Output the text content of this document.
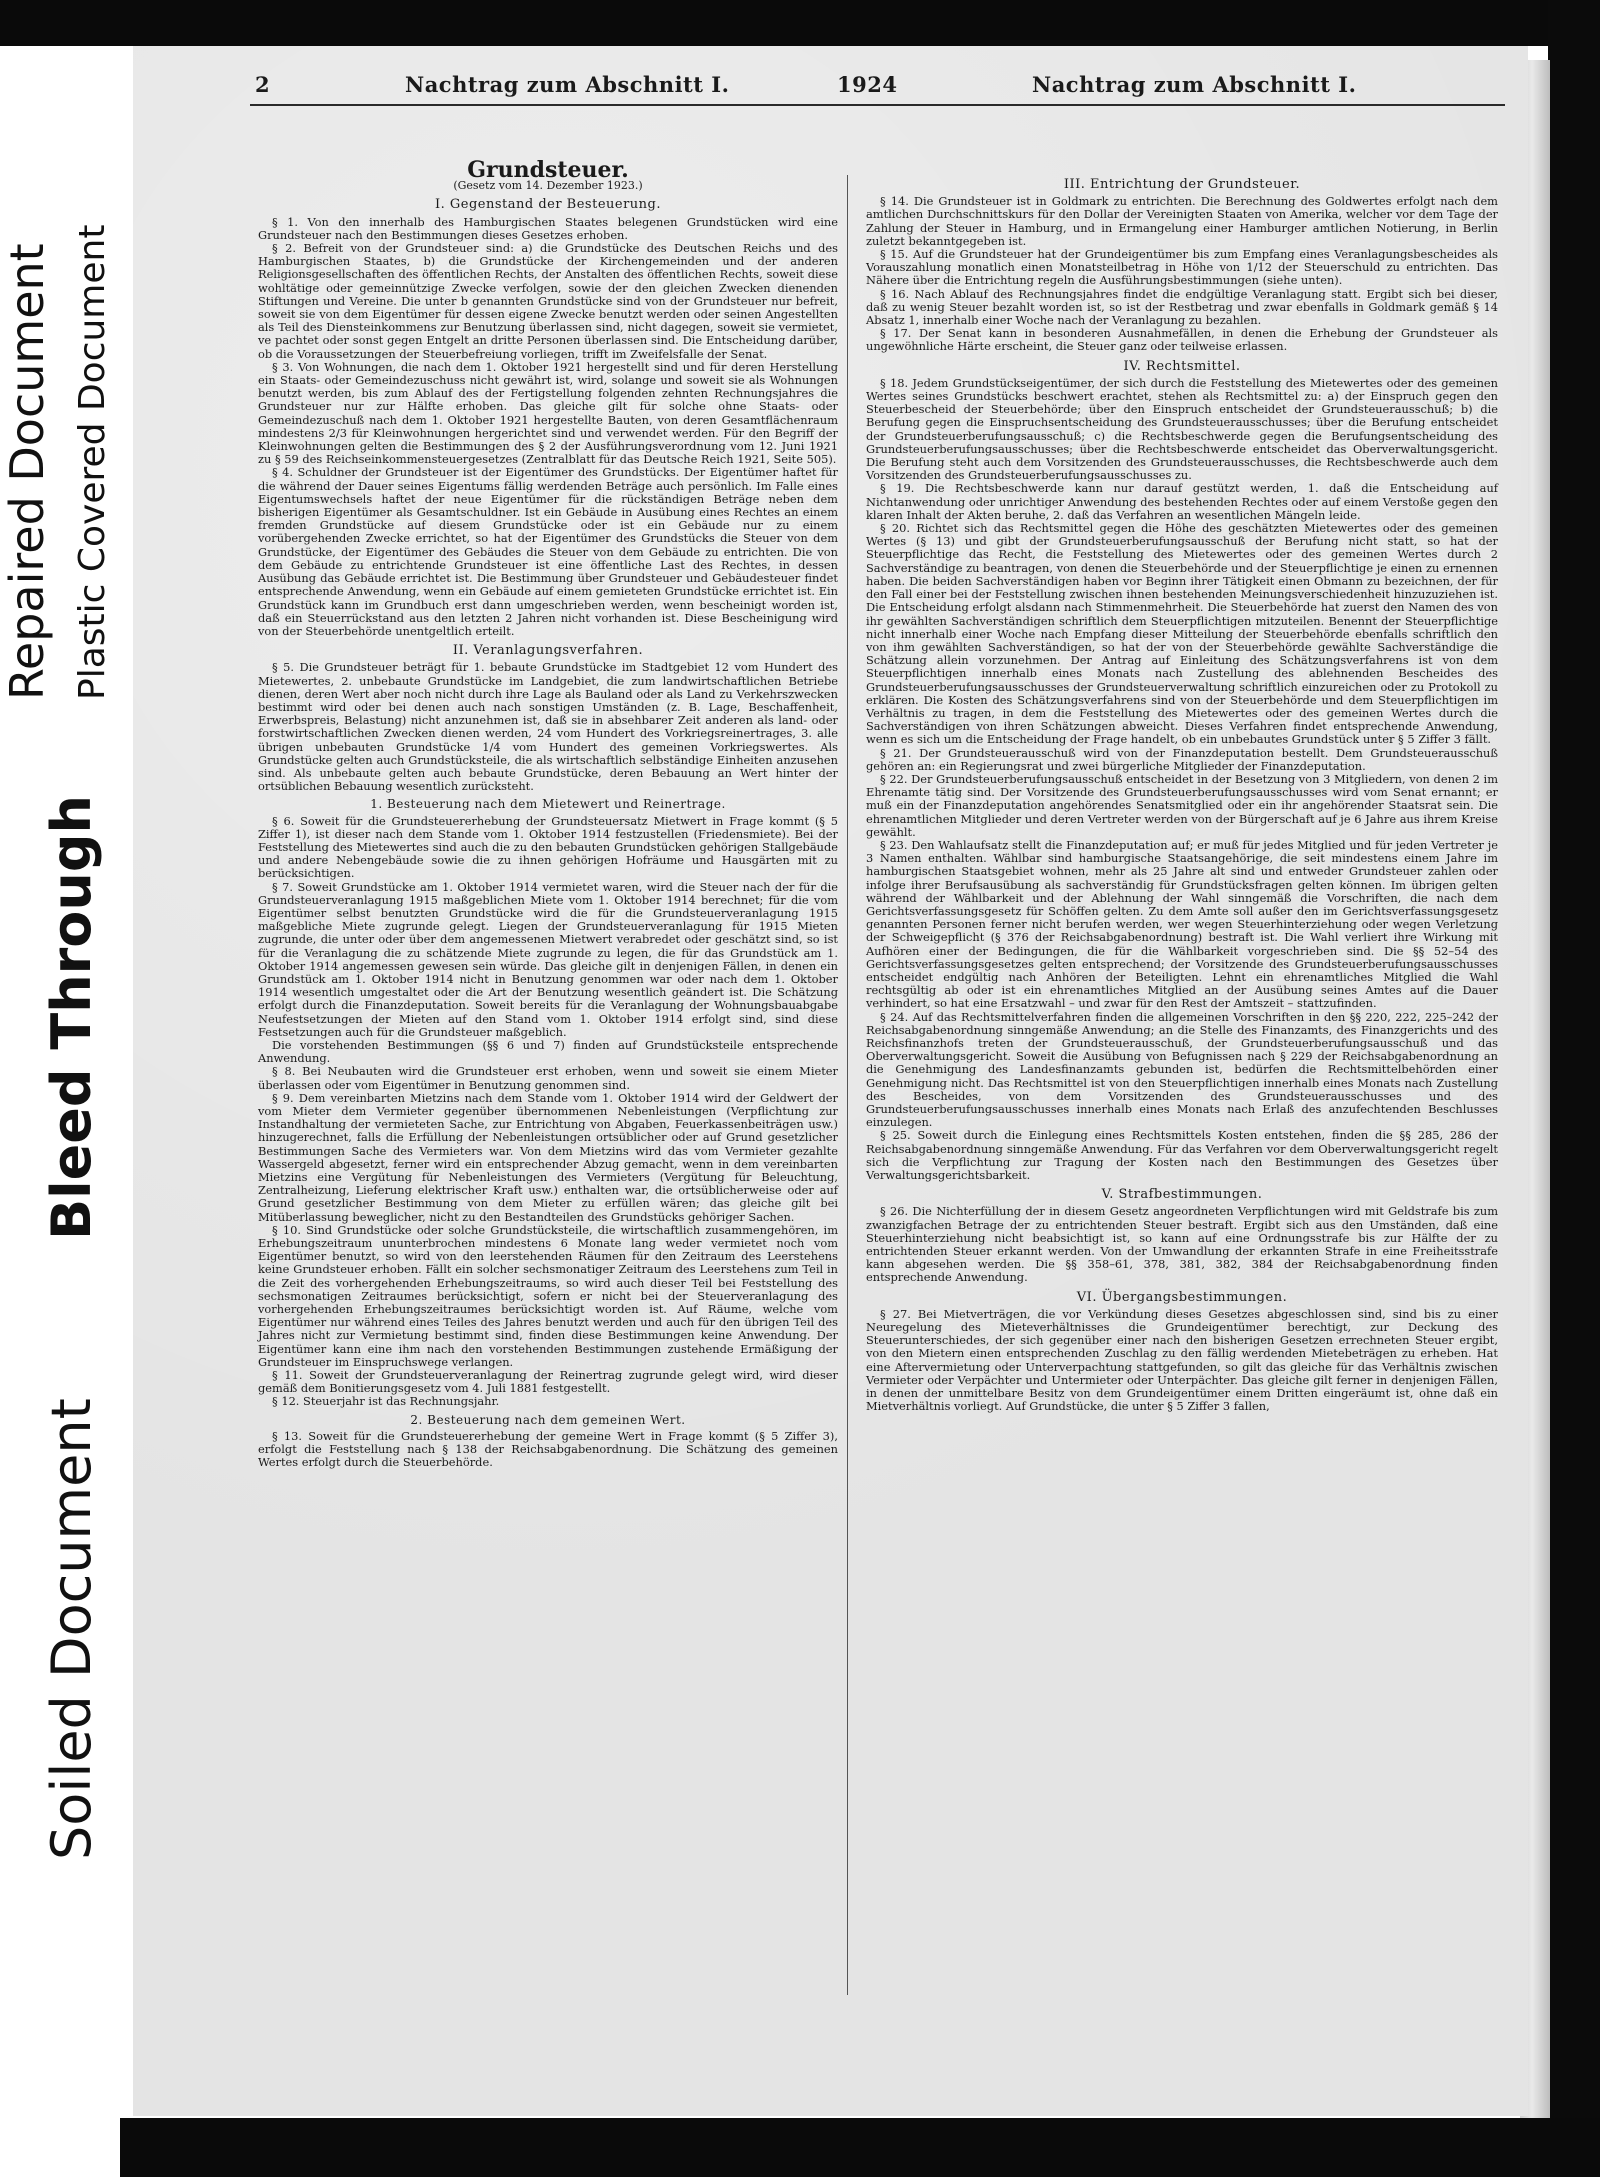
Repaired Document Plastic Covered Document
Bleed Through
Soiled Document
2	Nachtrag zum Abschnitt I.	1924	Nachtrag zum Abschnitt I.
Grundsteuer.
(Gesetz vom 14. Dezember 1923.)
I. Gegenstand der Besteuerung.

§ 1. Von den innerhalb des Hamburgischen Staates belegenen Grundstücken wird eine Grundsteuer nach den Bestimmungen dieses Gesetzes erhoben.

§ 2. Befreit von der Grundsteuer sind: a) die Grundstücke des Deutschen Reichs und des Hamburgischen Staates, b) die Grundstücke der Kirchengemeinden und der anderen Religionsgesellschaften des öffentlichen Rechts, der Anstalten des öffentlichen Rechts, soweit diese wohltätige oder gemeinnützige Zwecke verfolgen, sowie der den gleichen Zwecken dienenden Stiftungen und Vereine. Die unter b genannten Grundstücke sind von der Grundsteuer nur befreit, soweit sie von dem Eigentümer für dessen eigene Zwecke benutzt werden oder seinen Angestellten als Teil des Diensteinkommens zur Benutzung überlassen sind, nicht dagegen, soweit sie vermietet, ve pachtet oder sonst gegen Entgelt an dritte Personen überlassen sind. Die Entscheidung darüber, ob die Voraussetzungen der Steuerbefreiung vorliegen, trifft im Zweifelsfalle der Senat.

§ 3. Von Wohnungen, die nach dem 1. Oktober 1921 hergestellt sind und für deren Herstellung ein Staats- oder Gemeindezuschuss nicht gewährt ist, wird, solange und soweit sie als Wohnungen benutzt werden, bis zum Ablauf des der Fertigstellung folgenden zehnten Rechnungsjahres die Grundsteuer nur zur Hälfte erhoben. Das gleiche gilt für solche ohne Staats- oder Gemeindezuschuß nach dem 1. Oktober 1921 hergestellte Bauten, von deren Gesamtflächenraum mindestens 2/3 für Kleinwohnungen hergerichtet sind und verwendet werden. Für den Begriff der Kleinwohnungen gelten die Bestimmungen des § 2 der Ausführungsverordnung vom 12. Juni 1921 zu § 59 des Reichseinkommensteuergesetzes (Zentralblatt für das Deutsche Reich 1921, Seite 505).

§ 4. Schuldner der Grundsteuer ist der Eigentümer des Grundstücks. Der Eigentümer haftet für die während der Dauer seines Eigentums fällig werdenden Beträge auch persönlich. Im Falle eines Eigentumswechsels haftet der neue Eigentümer für die rückständigen Beträge neben dem bisherigen Eigentümer als Gesamtschuldner. Ist ein Gebäude in Ausübung eines Rechtes an einem fremden Grundstücke auf diesem Grundstücke oder ist ein Gebäude nur zu einem vorübergehenden Zwecke errichtet, so hat der Eigentümer des Grundstücks die Steuer von dem Grundstücke, der Eigentümer des Gebäudes die Steuer von dem Gebäude zu entrichten. Die von dem Gebäude zu entrichtende Grundsteuer ist eine öffentliche Last des Rechtes, in dessen Ausübung das Gebäude errichtet ist. Die Bestimmung über Grundsteuer und Gebäudesteuer findet entsprechende Anwendung, wenn ein Gebäude auf einem gemieteten Grundstücke errichtet ist. Ein Grundstück kann im Grundbuch erst dann umgeschrieben werden, wenn bescheinigt worden ist, daß ein Steuerrückstand aus den letzten 2 Jahren nicht vorhanden ist. Diese Bescheinigung wird von der Steuerbehörde unentgeltlich erteilt.

II. Veranlagungsverfahren.

§ 5. Die Grundsteuer beträgt für 1. bebaute Grundstücke im Stadtgebiet 12 vom Hundert des Mietewertes, 2. unbebaute Grundstücke im Landgebiet, die zum landwirtschaftlichen Betriebe dienen, deren Wert aber noch nicht durch ihre Lage als Bauland oder als Land zu Verkehrszwecken bestimmt wird oder bei denen auch nach sonstigen Umständen (z. B. Lage, Beschaffenheit, Erwerbspreis, Belastung) nicht anzunehmen ist, daß sie in absehbarer Zeit anderen als land- oder forstwirtschaftlichen Zwecken dienen werden, 24 vom Hundert des Vorkriegsreinertrages, 3. alle übrigen unbebauten Grundstücke 1/4 vom Hundert des gemeinen Vorkriegswertes. Als Grundstücke gelten auch Grundstücksteile, die als wirtschaftlich selbständige Einheiten anzusehen sind. Als unbebaute gelten auch bebaute Grundstücke, deren Bebauung an Wert hinter der ortsüblichen Bebauung wesentlich zurücksteht.

1. Besteuerung nach dem Mietewert und Reinertrage.

§ 6. Soweit für die Grundsteuererhebung der Grundsteuersatz Mietwert in Frage kommt (§ 5 Ziffer 1), ist dieser nach dem Stande vom 1. Oktober 1914 festzustellen (Friedensmiete). Bei der Feststellung des Mietewertes sind auch die zu den bebauten Grundstücken gehörigen Stallgebäude und andere Nebengebäude sowie die zu ihnen gehörigen Hofräume und Hausgärten mit zu berücksichtigen.

§ 7. Soweit Grundstücke am 1. Oktober 1914 vermietet waren, wird die Steuer nach der für die Grundsteuerveranlagung 1915 maßgeblichen Miete vom 1. Oktober 1914 berechnet; für die vom Eigentümer selbst benutzten Grundstücke wird die für die Grundsteuerveranlagung 1915 maßgebliche Miete zugrunde gelegt. Liegen der Grundsteuerveranlagung für 1915 Mieten zugrunde, die unter oder über dem angemessenen Mietwert verabredet oder geschätzt sind, so ist für die Veranlagung die zu schätzende Miete zugrunde zu legen, die für das Grundstück am 1. Oktober 1914 angemessen gewesen sein würde. Das gleiche gilt in denjenigen Fällen, in denen ein Grundstück am 1. Oktober 1914 nicht in Benutzung genommen war oder nach dem 1. Oktober 1914 wesentlich umgestaltet oder die Art der Benutzung wesentlich geändert ist. Die Schätzung erfolgt durch die Finanzdeputation. Soweit bereits für die Veranlagung der Wohnungsbauabgabe Neufestsetzungen der Mieten auf den Stand vom 1. Oktober 1914 erfolgt sind, sind diese Festsetzungen auch für die Grundsteuer maßgeblich.

Die vorstehenden Bestimmungen (§§ 6 und 7) finden auf Grundstücksteile entsprechende Anwendung.

§ 8. Bei Neubauten wird die Grundsteuer erst erhoben, wenn und soweit sie einem Mieter überlassen oder vom Eigentümer in Benutzung genommen sind.

§ 9. Dem vereinbarten Mietzins nach dem Stande vom 1. Oktober 1914 wird der Geldwert der vom Mieter dem Vermieter gegenüber übernommenen Nebenleistungen (Verpflichtung zur Instandhaltung der vermieteten Sache, zur Entrichtung von Abgaben, Feuerkassenbeiträgen usw.) hinzugerechnet, falls die Erfüllung der Nebenleistungen ortsüblicher oder auf Grund gesetzlicher Bestimmungen Sache des Vermieters war. Von dem Mietzins wird das vom Vermieter gezahlte Wassergeld abgesetzt, ferner wird ein entsprechender Abzug gemacht, wenn in dem vereinbarten Mietzins eine Vergütung für Nebenleistungen des Vermieters (Vergütung für Beleuchtung, Zentralheizung, Lieferung elektrischer Kraft usw.) enthalten war, die ortsüblicherweise oder auf Grund gesetzlicher Bestimmung von dem Mieter zu erfüllen wären; das gleiche gilt bei Mitüberlassung beweglicher, nicht zu den Bestandteilen des Grundstücks gehöriger Sachen.

§ 10. Sind Grundstücke oder solche Grundstücksteile, die wirtschaftlich zusammengehören, im Erhebungszeitraum ununterbrochen mindestens 6 Monate lang weder vermietet noch vom Eigentümer benutzt, so wird von den leerstehenden Räumen für den Zeitraum des Leerstehens keine Grundsteuer erhoben. Fällt ein solcher sechsmonatiger Zeitraum des Leerstehens zum Teil in die Zeit des vorhergehenden Erhebungszeitraums, so wird auch dieser Teil bei Feststellung des sechsmonatigen Zeitraumes berücksichtigt, sofern er nicht bei der Steuerveranlagung des vorhergehenden Erhebungszeitraumes berücksichtigt worden ist. Auf Räume, welche vom Eigentümer nur während eines Teiles des Jahres benutzt werden und auch für den übrigen Teil des Jahres nicht zur Vermietung bestimmt sind, finden diese Bestimmungen keine Anwendung. Der Eigentümer kann eine ihm nach den vorstehenden Bestimmungen zustehende Ermäßigung der Grundsteuer im Einspruchswege verlangen.

§ 11. Soweit der Grundsteuerveranlagung der Reinertrag zugrunde gelegt wird, wird dieser gemäß dem Bonitierungsgesetz vom 4. Juli 1881 festgestellt.

§ 12. Steuerjahr ist das Rechnungsjahr.

2. Besteuerung nach dem gemeinen Wert.

§ 13. Soweit für die Grundsteuererhebung der gemeine Wert in Frage kommt (§ 5 Ziffer 3), erfolgt die Feststellung nach § 138 der Reichsabgabenordnung. Die Schätzung des gemeinen Wertes erfolgt durch die Steuerbehörde.

III. Entrichtung der Grundsteuer.

§ 14. Die Grundsteuer ist in Goldmark zu entrichten. Die Berechnung des Goldwertes erfolgt nach dem amtlichen Durchschnittskurs für den Dollar der Vereinigten Staaten von Amerika, welcher vor dem Tage der Zahlung der Steuer in Hamburg, und in Ermangelung einer Hamburger amtlichen Notierung, in Berlin zuletzt bekanntgegeben ist.

§ 15. Auf die Grundsteuer hat der Grundeigentümer bis zum Empfang eines Veranlagungsbescheides als Vorauszahlung monatlich einen Monatsteilbetrag in Höhe von 1/12 der Steuerschuld zu entrichten. Das Nähere über die Entrichtung regeln die Ausführungsbestimmungen (siehe unten).

§ 16. Nach Ablauf des Rechnungsjahres findet die endgültige Veranlagung statt. Ergibt sich bei dieser, daß zu wenig Steuer bezahlt worden ist, so ist der Restbetrag und zwar ebenfalls in Goldmark gemäß § 14 Absatz 1, innerhalb einer Woche nach der Veranlagung zu bezahlen.

§ 17. Der Senat kann in besonderen Ausnahmefällen, in denen die Erhebung der Grundsteuer als ungewöhnliche Härte erscheint, die Steuer ganz oder teilweise erlassen.

IV. Rechtsmittel.

§ 18. Jedem Grundstückseigentümer, der sich durch die Feststellung des Mietewertes oder des gemeinen Wertes seines Grundstücks beschwert erachtet, stehen als Rechtsmittel zu: a) der Einspruch gegen den Steuerbescheid der Steuerbehörde; über den Einspruch entscheidet der Grundsteuerausschuß; b) die Berufung gegen die Einspruchsentscheidung des Grundsteuerausschusses; über die Berufung entscheidet der Grundsteuerberufungsausschuß; c) die Rechtsbeschwerde gegen die Berufungsentscheidung des Grundsteuerberufungsausschusses; über die Rechtsbeschwerde entscheidet das Oberverwaltungsgericht. Die Berufung steht auch dem Vorsitzenden des Grundsteuerausschusses, die Rechtsbeschwerde auch dem Vorsitzenden des Grundsteuerberufungsausschusses zu.

§ 19. Die Rechtsbeschwerde kann nur darauf gestützt werden, 1. daß die Entscheidung auf Nichtanwendung oder unrichtiger Anwendung des bestehenden Rechtes oder auf einem Verstoße gegen den klaren Inhalt der Akten beruhe, 2. daß das Verfahren an wesentlichen Mängeln leide.

§ 20. Richtet sich das Rechtsmittel gegen die Höhe des geschätzten Mietewertes oder des gemeinen Wertes (§ 13) und gibt der Grundsteuerberufungsausschuß der Berufung nicht statt, so hat der Steuerpflichtige das Recht, die Feststellung des Mietewertes oder des gemeinen Wertes durch 2 Sachverständige zu beantragen, von denen die Steuerbehörde und der Steuerpflichtige je einen zu ernennen haben. Die beiden Sachverständigen haben vor Beginn ihrer Tätigkeit einen Obmann zu bezeichnen, der für den Fall einer bei der Feststellung zwischen ihnen bestehenden Meinungsverschiedenheit hinzuzuziehen ist. Die Entscheidung erfolgt alsdann nach Stimmenmehrheit. Die Steuerbehörde hat zuerst den Namen des von ihr gewählten Sachverständigen schriftlich dem Steuerpflichtigen mitzuteilen. Benennt der Steuerpflichtige nicht innerhalb einer Woche nach Empfang dieser Mitteilung der Steuerbehörde ebenfalls schriftlich den von ihm gewählten Sachverständigen, so hat der von der Steuerbehörde gewählte Sachverständige die Schätzung allein vorzunehmen. Der Antrag auf Einleitung des Schätzungsverfahrens ist von dem Steuerpflichtigen innerhalb eines Monats nach Zustellung des ablehnenden Bescheides des Grundsteuerberufungsausschusses der Grundsteuerverwaltung schriftlich einzureichen oder zu Protokoll zu erklären. Die Kosten des Schätzungsverfahrens sind von der Steuerbehörde und dem Steuerpflichtigen im Verhältnis zu tragen, in dem die Feststellung des Mietewertes oder des gemeinen Wertes durch die Sachverständigen von ihren Schätzungen abweicht. Dieses Verfahren findet entsprechende Anwendung, wenn es sich um die Entscheidung der Frage handelt, ob ein unbebautes Grundstück unter § 5 Ziffer 3 fällt.

§ 21. Der Grundsteuerausschuß wird von der Finanzdeputation bestellt. Dem Grundsteuerausschuß gehören an: ein Regierungsrat und zwei bürgerliche Mitglieder der Finanzdeputation.

§ 22. Der Grundsteuerberufungsausschuß entscheidet in der Besetzung von 3 Mitgliedern, von denen 2 im Ehrenamte tätig sind. Der Vorsitzende des Grundsteuerberufungsausschusses wird vom Senat ernannt; er muß ein der Finanzdeputation angehörendes Senatsmitglied oder ein ihr angehörender Staatsrat sein. Die ehrenamtlichen Mitglieder und deren Vertreter werden von der Bürgerschaft auf je 6 Jahre aus ihrem Kreise gewählt.

§ 23. Den Wahlaufsatz stellt die Finanzdeputation auf; er muß für jedes Mitglied und für jeden Vertreter je 3 Namen enthalten. Wählbar sind hamburgische Staatsangehörige, die seit mindestens einem Jahre im hamburgischen Staatsgebiet wohnen, mehr als 25 Jahre alt sind und entweder Grundsteuer zahlen oder infolge ihrer Berufsausübung als sachverständig für Grundstücksfragen gelten können. Im übrigen gelten während der Wählbarkeit und der Ablehnung der Wahl sinngemäß die Vorschriften, die nach dem Gerichtsverfassungsgesetz für Schöffen gelten. Zu dem Amte soll außer den im Gerichtsverfassungsgesetz genannten Personen ferner nicht berufen werden, wer wegen Steuerhinterziehung oder wegen Verletzung der Schweigepflicht (§ 376 der Reichsabgabenordnung) bestraft ist. Die Wahl verliert ihre Wirkung mit Aufhören einer der Bedingungen, die für die Wählbarkeit vorgeschrieben sind. Die §§ 52–54 des Gerichtsverfassungsgesetzes gelten entsprechend; der Vorsitzende des Grundsteuerberufungsausschusses entscheidet endgültig nach Anhören der Beteiligten. Lehnt ein ehrenamtliches Mitglied die Wahl rechtsgültig ab oder ist ein ehrenamtliches Mitglied an der Ausübung seines Amtes auf die Dauer verhindert, so hat eine Ersatzwahl – und zwar für den Rest der Amtszeit – stattzufinden.

§ 24. Auf das Rechtsmittelverfahren finden die allgemeinen Vorschriften in den §§ 220, 222, 225–242 der Reichsabgabenordnung sinngemäße Anwendung; an die Stelle des Finanzamts, des Finanzgerichts und des Reichsfinanzhofs treten der Grundsteuerausschuß, der Grundsteuerberufungsausschuß und das Oberverwaltungsgericht. Soweit die Ausübung von Befugnissen nach § 229 der Reichsabgabenordnung an die Genehmigung des Landesfinanzamts gebunden ist, bedürfen die Rechtsmittelbehörden einer Genehmigung nicht. Das Rechtsmittel ist von den Steuerpflichtigen innerhalb eines Monats nach Zustellung des Bescheides, von dem Vorsitzenden des Grundsteuerausschusses und des Grundsteuerberufungsausschusses innerhalb eines Monats nach Erlaß des anzufechtenden Beschlusses einzulegen.

§ 25. Soweit durch die Einlegung eines Rechtsmittels Kosten entstehen, finden die §§ 285, 286 der Reichsabgabenordnung sinngemäße Anwendung. Für das Verfahren vor dem Oberverwaltungsgericht regelt sich die Verpflichtung zur Tragung der Kosten nach den Bestimmungen des Gesetzes über Verwaltungsgerichtsbarkeit.

V. Strafbestimmungen.

§ 26. Die Nichterfüllung der in diesem Gesetz angeordneten Verpflichtungen wird mit Geldstrafe bis zum zwanzigfachen Betrage der zu entrichtenden Steuer bestraft. Ergibt sich aus den Umständen, daß eine Steuerhinterziehung nicht beabsichtigt ist, so kann auf eine Ordnungsstrafe bis zur Hälfte der zu entrichtenden Steuer erkannt werden. Von der Umwandlung der erkannten Strafe in eine Freiheitsstrafe kann abgesehen werden. Die §§ 358–61, 378, 381, 382, 384 der Reichsabgabenordnung finden entsprechende Anwendung.

VI. Übergangsbestimmungen.

§ 27. Bei Mietverträgen, die vor Verkündung dieses Gesetzes abgeschlossen sind, sind bis zu einer Neuregelung des Mieteverhältnisses die Grundeigentümer berechtigt, zur Deckung des Steuerunterschiedes, der sich gegenüber einer nach den bisherigen Gesetzen errechneten Steuer ergibt, von den Mietern einen entsprechenden Zuschlag zu den fällig werdenden Mietebeträgen zu erheben. Hat eine Aftervermietung oder Unterverpachtung stattgefunden, so gilt das gleiche für das Verhältnis zwischen Vermieter oder Verpächter und Untermieter oder Unterpächter. Das gleiche gilt ferner in denjenigen Fällen, in denen der unmittelbare Besitz von dem Grundeigentümer einem Dritten eingeräumt ist, ohne daß ein Mietverhältnis vorliegt. Auf Grundstücke, die unter § 5 Ziffer 3 fallen,
